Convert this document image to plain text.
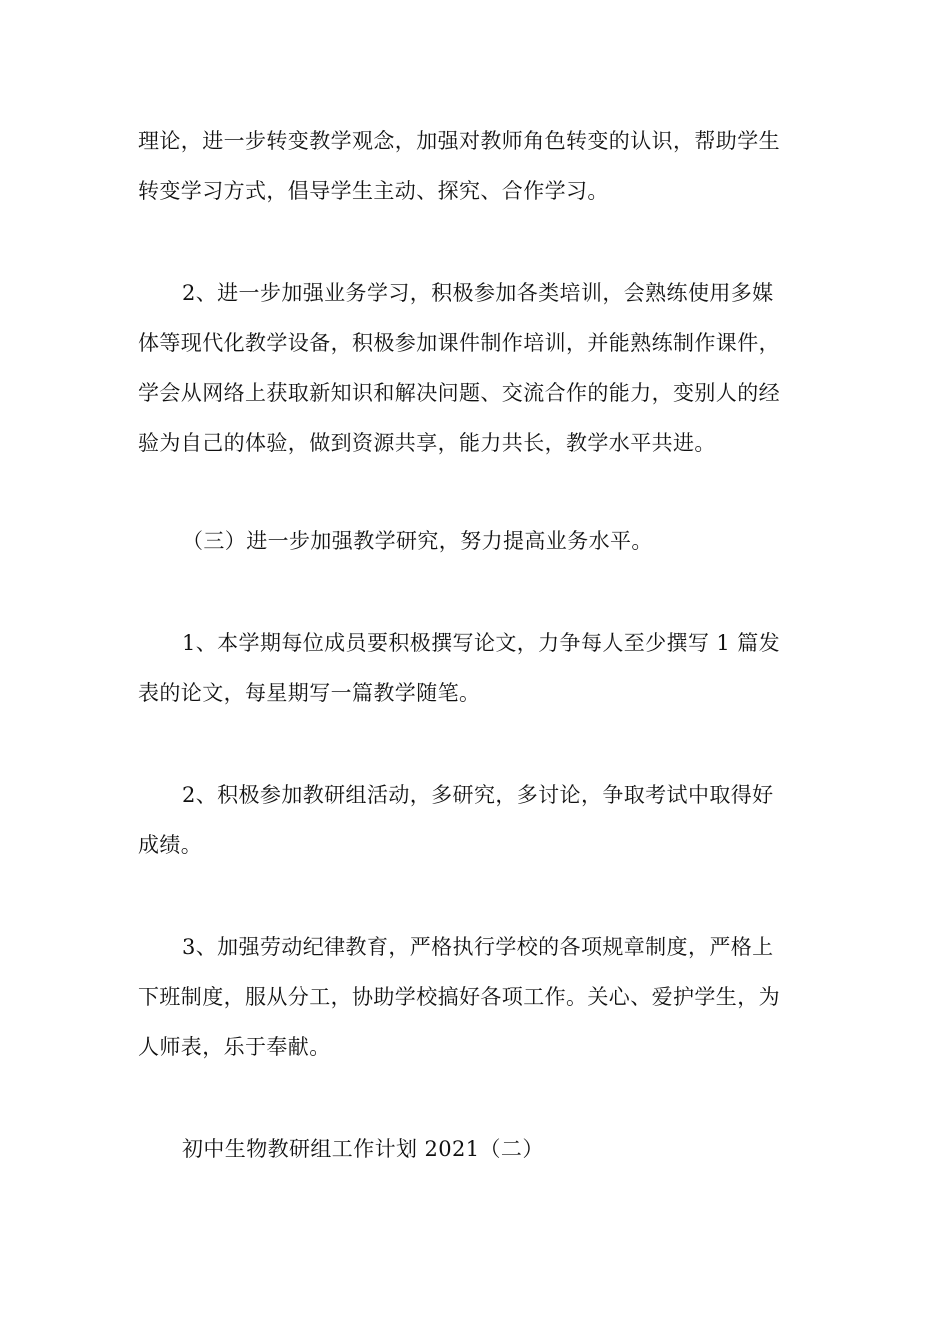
理论，进一步转变教学观念，加强对教师角色转变的认识，帮助学生
转变学习方式，倡导学生主动、探究、合作学习。

2、进一步加强业务学习，积极参加各类培训，会熟练使用多媒
体等现代化教学设备，积极参加课件制作培训，并能熟练制作课件，
学会从网络上获取新知识和解决问题、交流合作的能力，变别人的经
验为自己的体验，做到资源共享，能力共长，教学水平共进。

（三）进一步加强教学研究，努力提高业务水平。

1、本学期每位成员要积极撰写论文，力争每人至少撰写 1 篇发
表的论文，每星期写一篇教学随笔。

2、积极参加教研组活动，多研究，多讨论，争取考试中取得好
成绩。

3、加强劳动纪律教育，严格执行学校的各项规章制度，严格上
下班制度，服从分工，协助学校搞好各项工作。关心、爱护学生，为
人师表，乐于奉献。

初中生物教研组工作计划 2021（二）
